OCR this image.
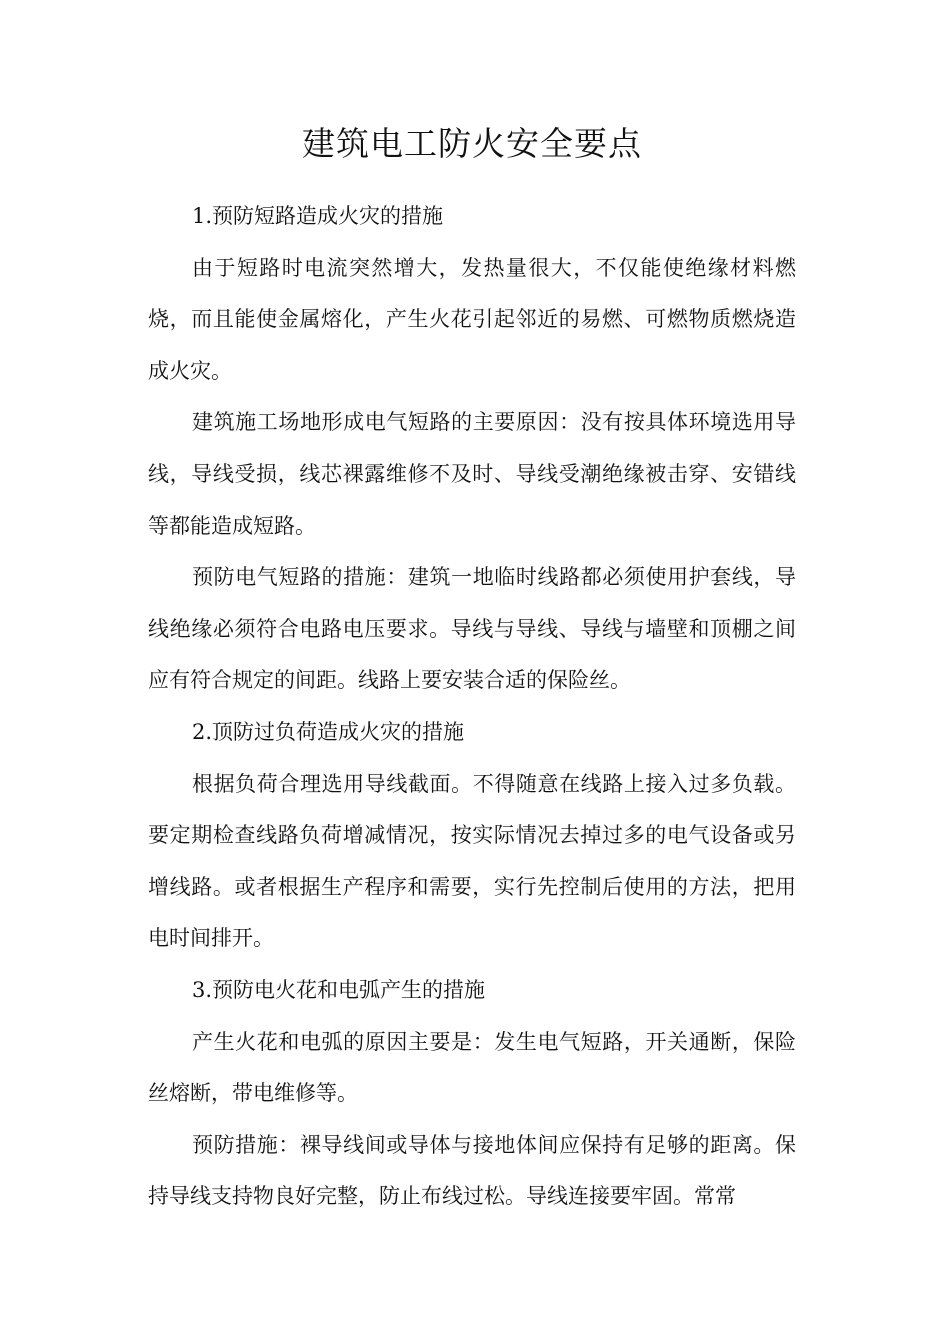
建筑电工防火安全要点

1.预防短路造成火灾的措施

由于短路时电流突然增大，发热量很大，不仅能使绝缘材料燃烧，而且能使金属熔化，产生火花引起邻近的易燃、可燃物质燃烧造成火灾。

建筑施工场地形成电气短路的主要原因：没有按具体环境选用导线，导线受损，线芯裸露维修不及时、导线受潮绝缘被击穿、安错线等都能造成短路。

预防电气短路的措施：建筑一地临时线路都必须使用护套线，导线绝缘必须符合电路电压要求。导线与导线、导线与墙壁和顶棚之间应有符合规定的间距。线路上要安装合适的保险丝。

2.顶防过负荷造成火灾的措施

根据负荷合理选用导线截面。不得随意在线路上接入过多负载。要定期检查线路负荷增减情况，按实际情况去掉过多的电气设备或另增线路。或者根据生产程序和需要，实行先控制后使用的方法，把用电时间排开。

3.预防电火花和电弧产生的措施

产生火花和电弧的原因主要是：发生电气短路，开关通断，保险丝熔断，带电维修等。

预防措施：裸导线间或导体与接地体间应保持有足够的距离。保持导线支持物良好完整，防止布线过松。导线连接要牢固。常常
